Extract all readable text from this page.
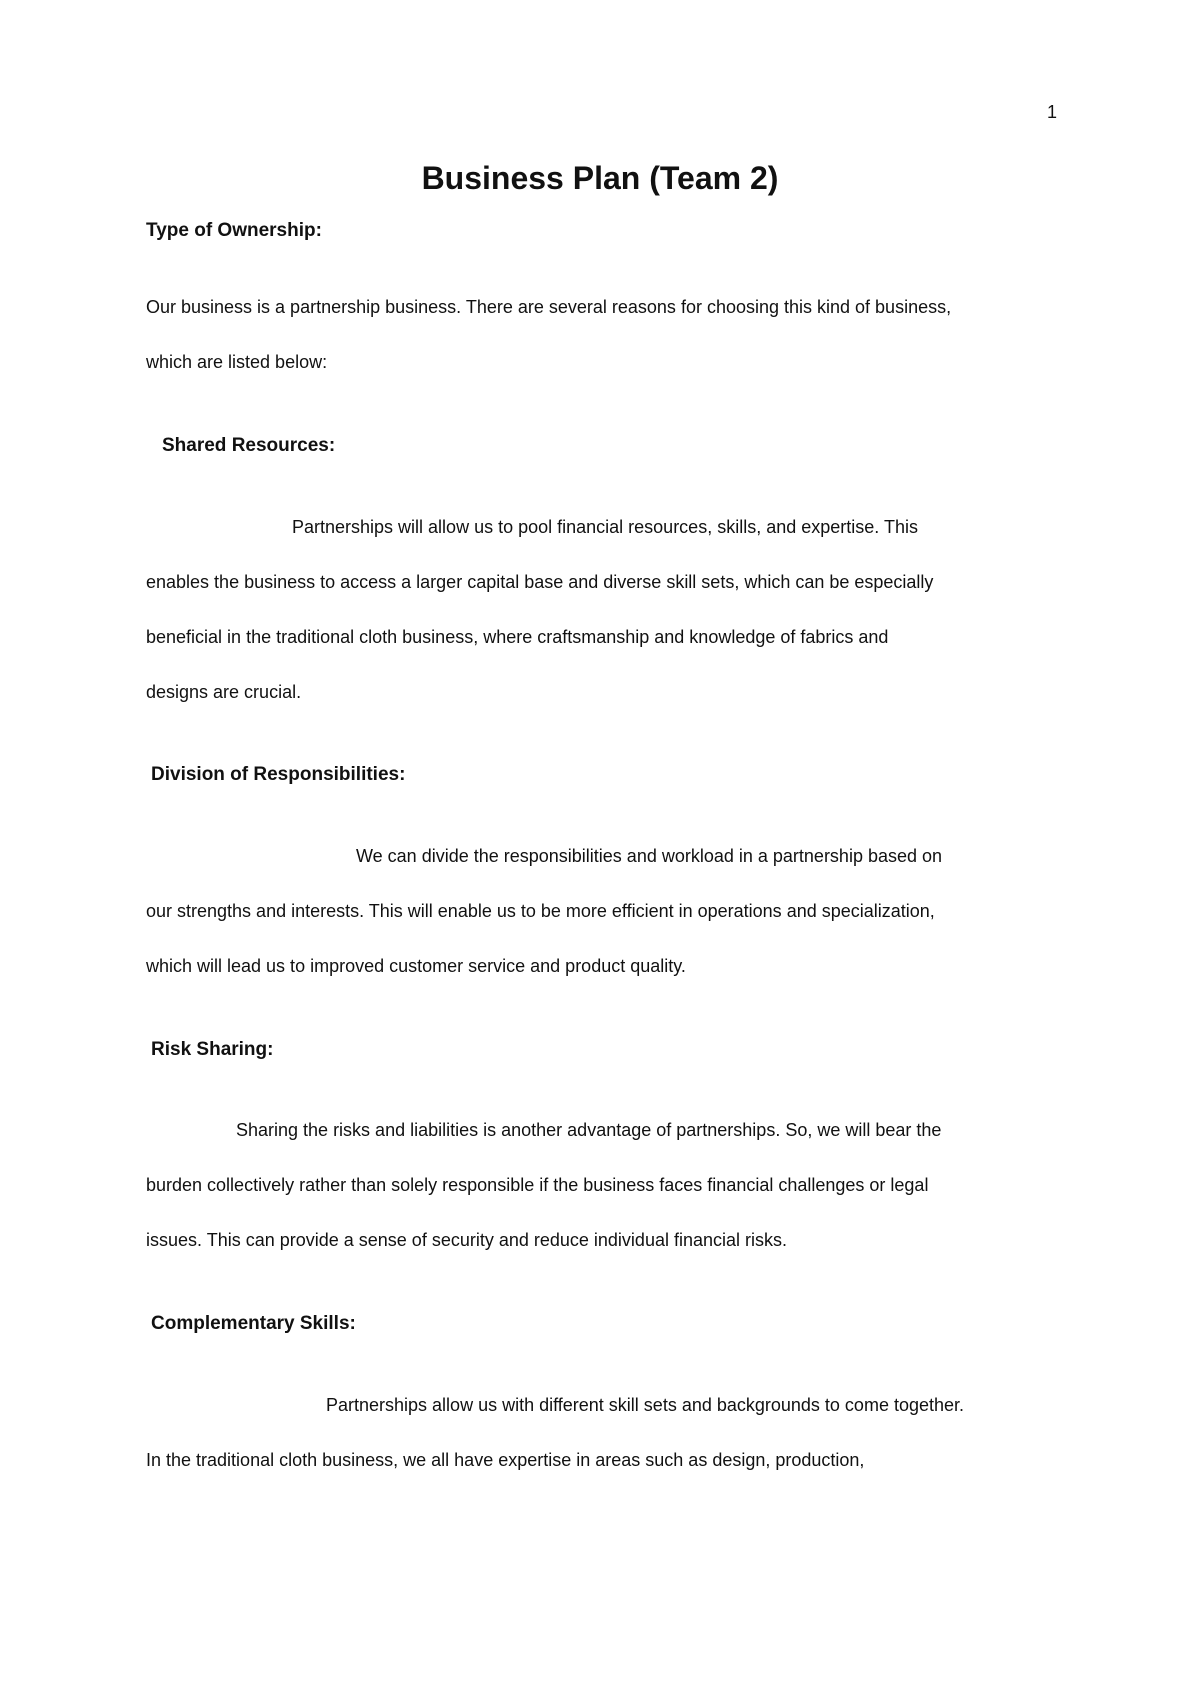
1
Business Plan (Team 2)
Type of Ownership:
Our business is a partnership business. There are several reasons for choosing this kind of business,
which are listed below:
Shared Resources:
Partnerships will allow us to pool financial resources, skills, and expertise. This
enables the business to access a larger capital base and diverse skill sets, which can be especially
beneficial in the traditional cloth business, where craftsmanship and knowledge of fabrics and
designs are crucial.
Division of Responsibilities:
We can divide the responsibilities and workload in a partnership based on
our strengths and interests. This will enable us to be more efficient in operations and specialization,
which will lead us to improved customer service and product quality.
Risk Sharing:
Sharing the risks and liabilities is another advantage of partnerships. So, we will bear the
burden collectively rather than solely responsible if the business faces financial challenges or legal
issues. This can provide a sense of security and reduce individual financial risks.
Complementary Skills:
Partnerships allow us with different skill sets and backgrounds to come together.
In the traditional cloth business, we all have expertise in areas such as design, production,
